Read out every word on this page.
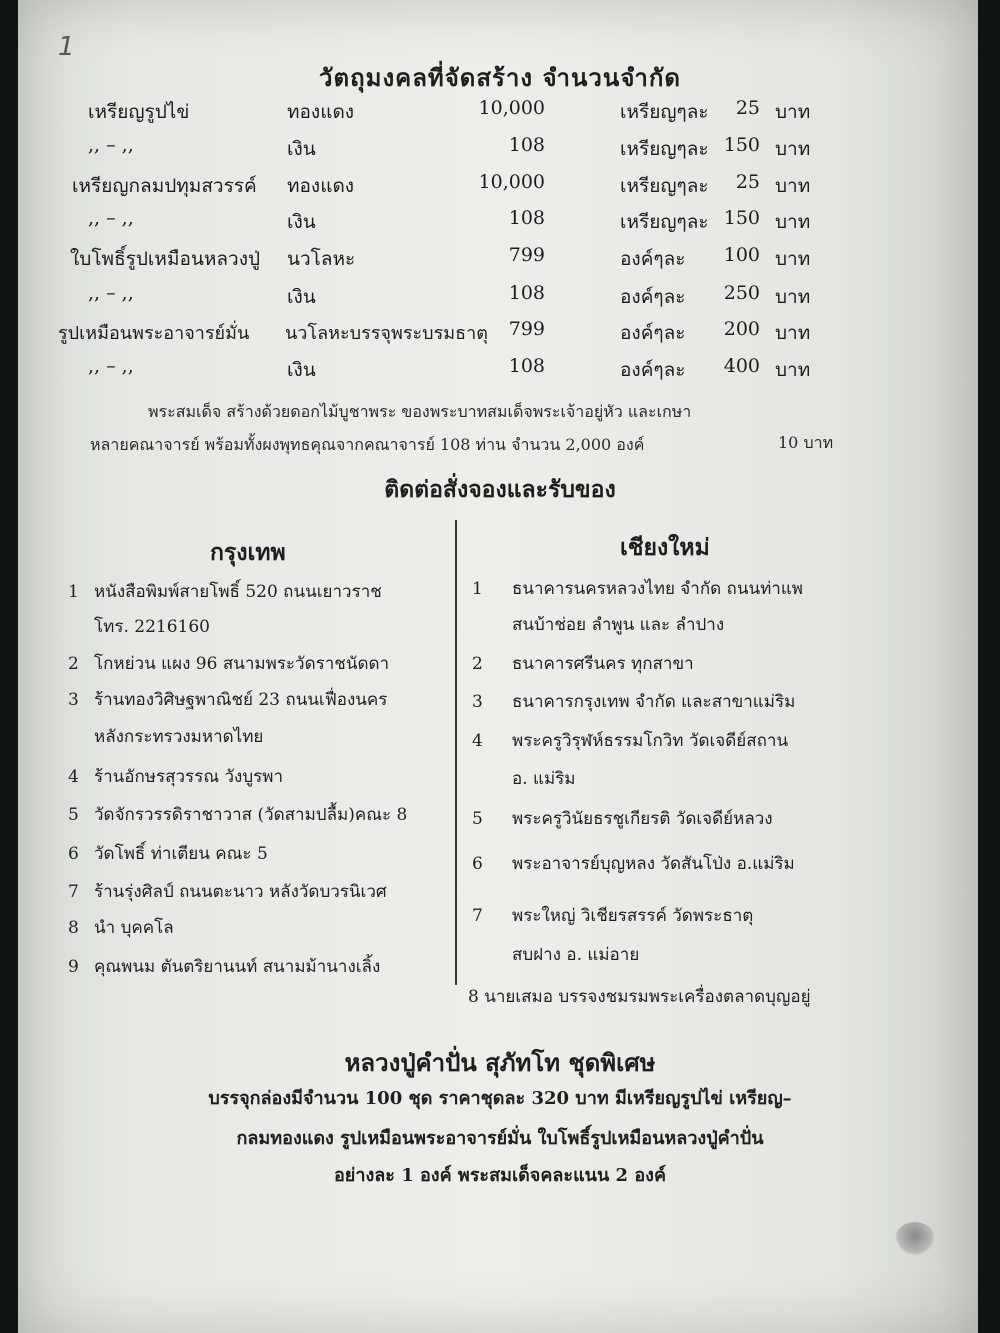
1
วัตถุมงคลที่จัดสร้าง จำนวนจำกัด
เหรียญรูปไข่	ทองแดง	10,000	เหรียญๆละ	25 บาท
,, – ,,	เงิน	108	เหรียญๆละ 150 บาท
เหรียญกลมปทุมสวรรค์ ทองแดง	10,000	เหรียญๆละ	25 บาท
,, – ,,	เงิน	108	เหรียญๆละ 150 บาท
ใบโพธิ์รูปเหมือนหลวงปู่ นวโลหะ	799	องค์ๆละ	100 บาท
,, – ,,	เงิน	108	องค์ๆละ	250 บาท
รูปเหมือนพระอาจารย์มั่น นวโลหะบรรจุพระบรมธาตุ	799	องค์ๆละ	200 บาท
,, – ,,	เงิน	108	องค์ๆละ	400 บาท
พระสมเด็จ สร้างด้วยดอกไม้บูชาพระ ของพระบาทสมเด็จพระเจ้าอยู่หัว และเกษา
หลายคณาจารย์ พร้อมทั้งผงพุทธคุณจากคณาจารย์ 108 ท่าน จำนวน 2,000 องค์	10 บาท
ติดต่อสั่งจองและรับของ
กรุงเทพ
1 หนังสือพิมพ์สายโพธิ์ 520 ถนนเยาวราช
โทร. 2216160
2 โกหย่วน แผง 96 สนามพระวัดราชนัดดา
3 ร้านทองวิศิษฐพาณิชย์ 23 ถนนเฟื่องนคร
หลังกระทรวงมหาดไทย
4 ร้านอักษรสุวรรณ วังบูรพา
5 วัดจักรวรรดิราชาวาส (วัดสามปลื้ม)คณะ 8
6 วัดโพธิ์ ท่าเตียน คณะ 5
7 ร้านรุ่งศิลป์ ถนนตะนาว หลังวัดบวรนิเวศ
8 นำ บุคคโล
9 คุณพนม ตันตริยานนท์ สนามม้านางเลิ้ง
เชียงใหม่
1 ธนาคารนครหลวงไทย จำกัด ถนนท่าแพ
สนบ้าช่อย ลำพูน และ ลำปาง
2 ธนาคารศรีนคร ทุกสาขา
3 ธนาคารกรุงเทพ จำกัด และสาขาแม่ริม
4 พระครูวิรุฬห์ธรรมโกวิท วัดเจดีย์สถาน
อ. แม่ริม
5 พระครูวินัยธรชูเกียรติ วัดเจดีย์หลวง
6 พระอาจารย์บุญหลง วัดสันโป่ง อ.แม่ริม
7 พระใหญ่ วิเชียรสรรค์ วัดพระธาตุ
สบฝาง อ. แม่อาย
8 นายเสมอ บรรจงชมรมพระเครื่องตลาดบุญอยู่
หลวงปู่คำปั่น สุภัทโท ชุดพิเศษ
บรรจุกล่องมีจำนวน 100 ชุด ราคาชุดละ 320 บาท มีเหรียญรูปไข่ เหรียญ–
กลมทองแดง รูปเหมือนพระอาจารย์มั่น ใบโพธิ์รูปเหมือนหลวงปู่คำปั่น
อย่างละ 1 องค์ พระสมเด็จคละแนน 2 องค์
